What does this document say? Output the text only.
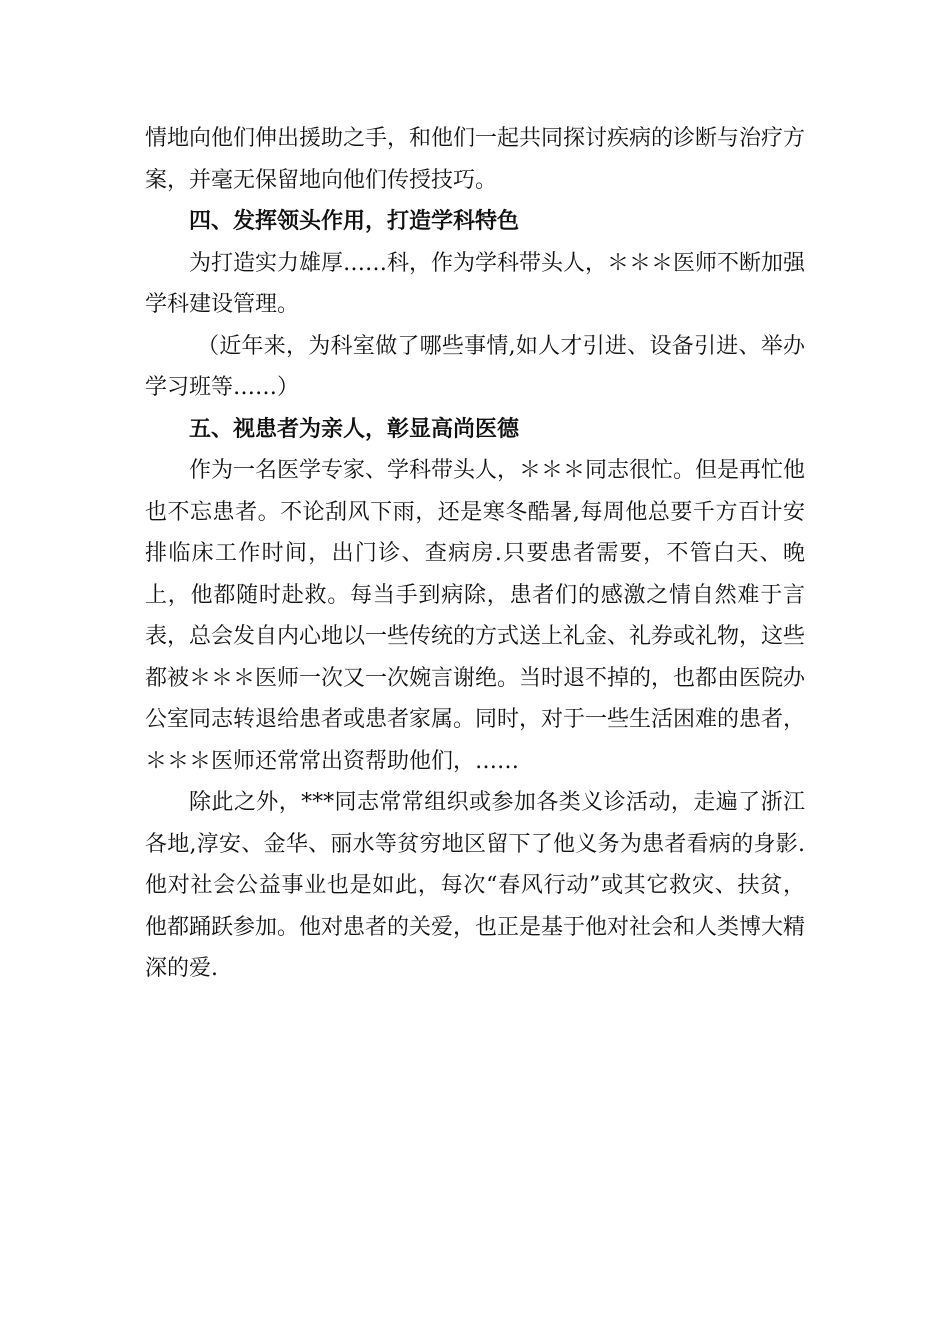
情地向他们伸出援助之手，和他们一起共同探讨疾病的诊断与治疗方案，并毫无保留地向他们传授技巧。

四、发挥领头作用，打造学科特色

为打造实力雄厚……科，作为学科带头人，＊＊＊医师不断加强学科建设管理。

（近年来，为科室做了哪些事情,如人才引进、设备引进、举办学习班等……）

五、视患者为亲人，彰显高尚医德

作为一名医学专家、学科带头人，＊＊＊同志很忙。但是再忙他也不忘患者。不论刮风下雨，还是寒冬酷暑,每周他总要千方百计安排临床工作时间，出门诊、查病房.只要患者需要，不管白天、晚上，他都随时赴救。每当手到病除，患者们的感激之情自然难于言表，总会发自内心地以一些传统的方式送上礼金、礼券或礼物，这些都被＊＊＊医师一次又一次婉言谢绝。当时退不掉的，也都由医院办公室同志转退给患者或患者家属。同时，对于一些生活困难的患者，＊＊＊医师还常常出资帮助他们，……

除此之外，***同志常常组织或参加各类义诊活动，走遍了浙江各地,淳安、金华、丽水等贫穷地区留下了他义务为患者看病的身影.他对社会公益事业也是如此，每次“春风行动”或其它救灾、扶贫，他都踊跃参加。他对患者的关爱，也正是基于他对社会和人类博大精深的爱.
